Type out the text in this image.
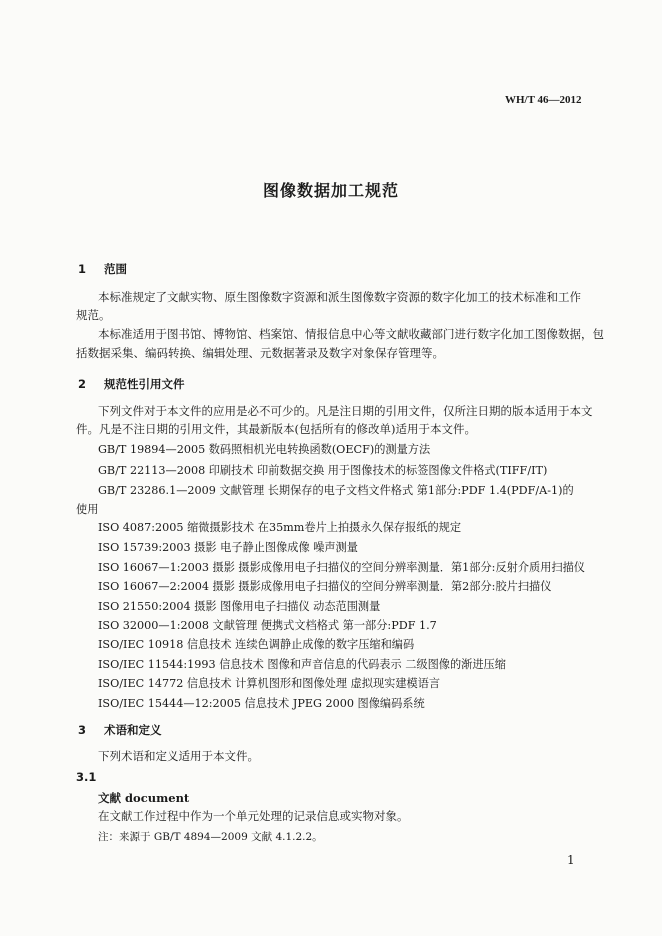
WH/T 46—2012
图像数据加工规范
1 范围
本标准规定了文献实物、原生图像数字资源和派生图像数字资源的数字化加工的技术标准和工作
规范。
本标准适用于图书馆、博物馆、档案馆、情报信息中心等文献收藏部门进行数字化加工图像数据，包
括数据采集、编码转换、编辑处理、元数据著录及数字对象保存管理等。
2 规范性引用文件
下列文件对于本文件的应用是必不可少的。凡是注日期的引用文件，仅所注日期的版本适用于本文
件。凡是不注日期的引用文件，其最新版本(包括所有的修改单)适用于本文件。
GB/T 19894—2005 数码照相机光电转换函数(OECF)的测量方法
GB/T 22113—2008 印刷技术 印前数据交换 用于图像技术的标签图像文件格式(TIFF/IT)
GB/T 23286.1—2009 文献管理 长期保存的电子文档文件格式 第1部分:PDF 1.4(PDF/A-1)的
使用
ISO 4087:2005 缩微摄影技术 在35mm卷片上拍摄永久保存报纸的规定
ISO 15739:2003 摄影 电子静止图像成像 噪声测量
ISO 16067—1:2003 摄影 摄影成像用电子扫描仪的空间分辨率测量．第1部分:反射介质用扫描仪
ISO 16067—2:2004 摄影 摄影成像用电子扫描仪的空间分辨率测量．第2部分:胶片扫描仪
ISO 21550:2004 摄影 图像用电子扫描仪 动态范围测量
ISO 32000—1:2008 文献管理 便携式文档格式 第一部分:PDF 1.7
ISO/IEC 10918 信息技术 连续色调静止成像的数字压缩和编码
ISO/IEC 11544:1993 信息技术 图像和声音信息的代码表示 二级图像的渐进压缩
ISO/IEC 14772 信息技术 计算机图形和图像处理 虚拟现实建模语言
ISO/IEC 15444—12:2005 信息技术 JPEG 2000 图像编码系统
3 术语和定义
下列术语和定义适用于本文件。
3.1
文献 document
在文献工作过程中作为一个单元处理的记录信息或实物对象。
注：来源于 GB/T 4894—2009 文献 4.1.2.2。
1
